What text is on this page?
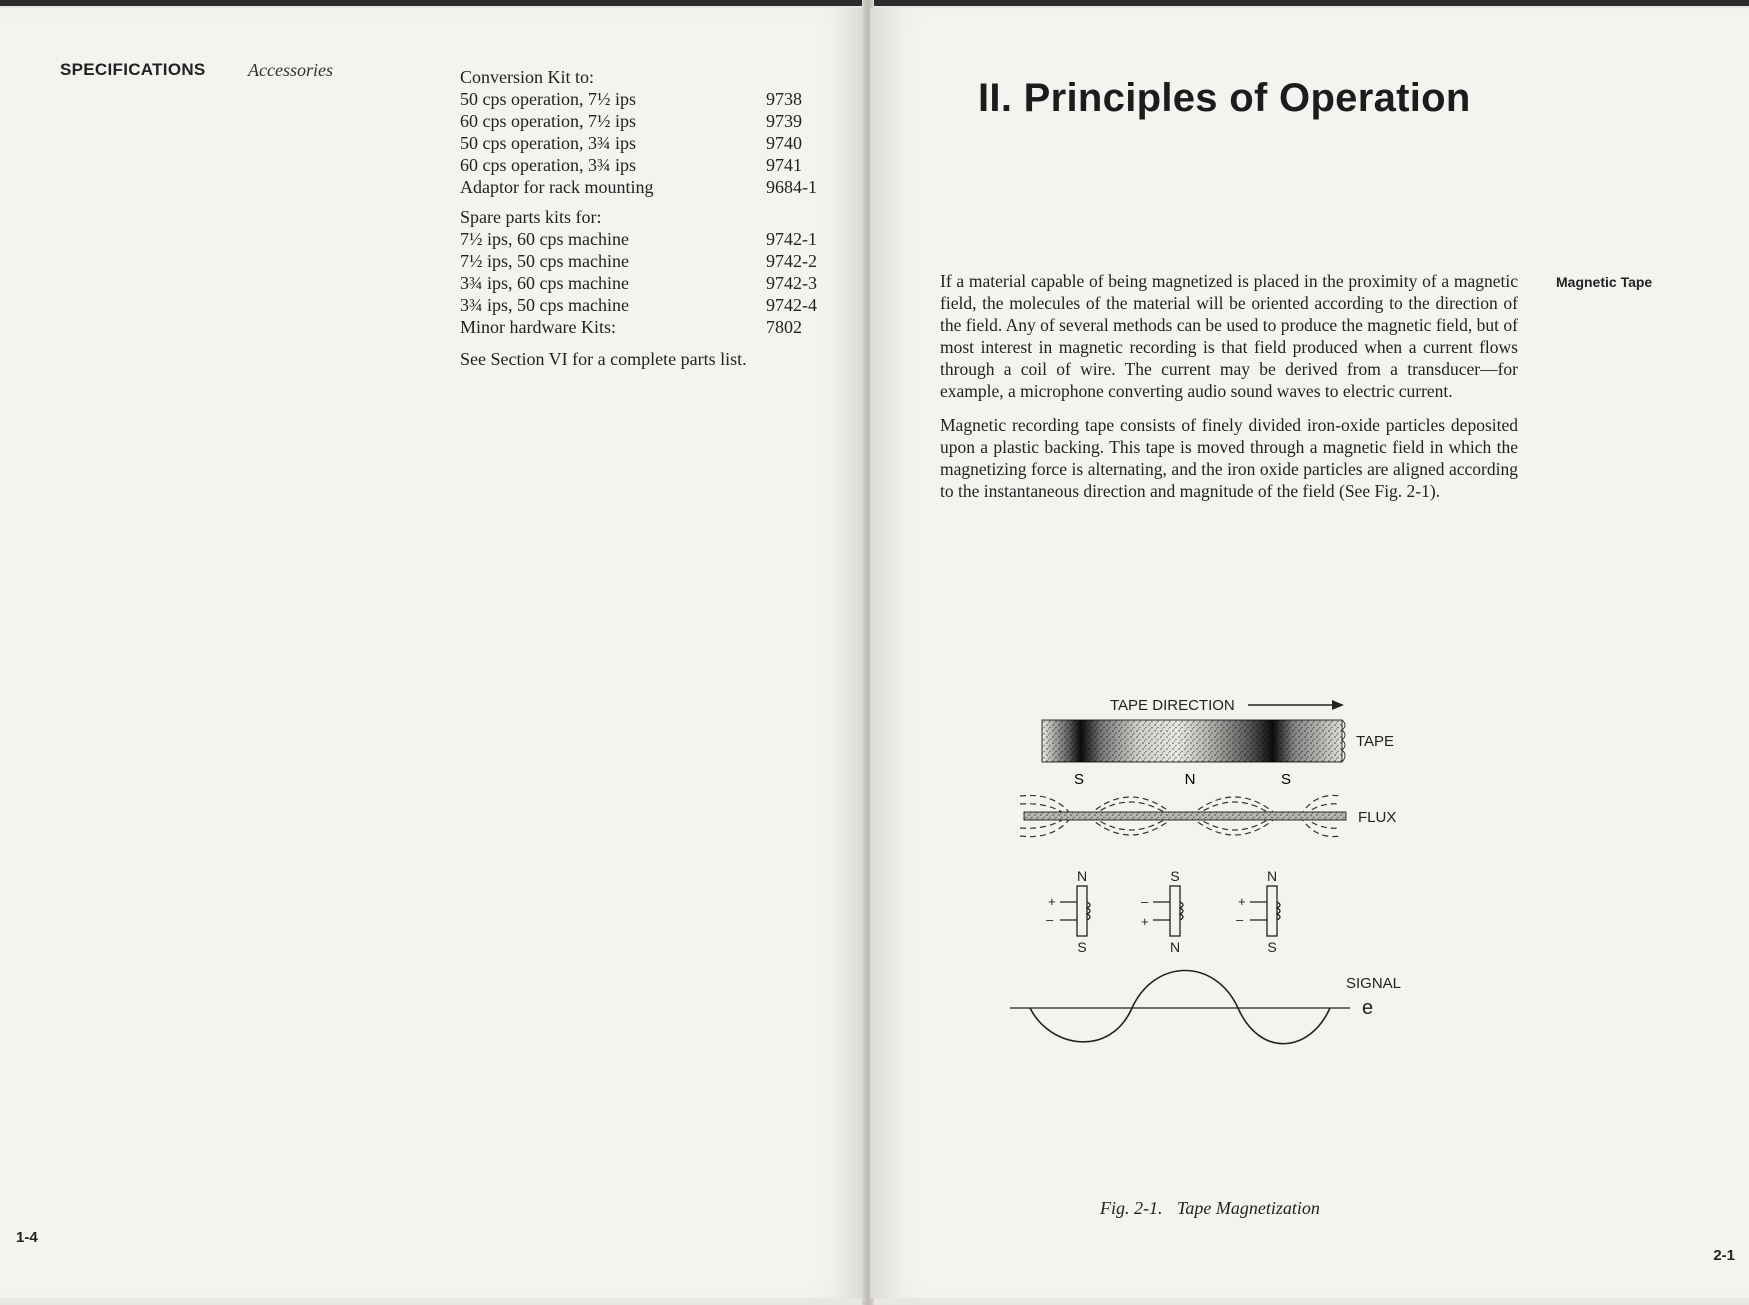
SPECIFICATIONS Accessories	Conversion Kit to:
50 cps operation, 7½ ips	9738
60 cps operation, 7½ ips	9739
50 cps operation, 3¾ ips	9740
60 cps operation, 3¾ ips	9741
Adaptor for rack mounting	9684-1
Spare parts kits for:
7½ ips, 60 cps machine	9742-1
7½ ips, 50 cps machine	9742-2
3¾ ips, 60 cps machine	9742-3
3¾ ips, 50 cps machine	9742-4
Minor hardware Kits:	7802
See Section VI for a complete parts list.
1-4
II. Principles of Operation
Magnetic Tape

If a material capable of being magnetized is placed in the proximity of a magnetic field, the molecules of the material will be oriented according to the direction of the field. Any of several methods can be used to produce the magnetic field, but of most interest in magnetic recording is that field produced when a current flows through a coil of wire. The current may be derived from a transducer—for example, a microphone converting audio sound waves to electric current.

Magnetic recording tape consists of finely divided iron-oxide particles deposited upon a plastic backing. This tape is moved through a magnetic field in which the magnetizing force is alternating, and the iron oxide particles are aligned according to the instantaneous direction and magnitude of the field (See Fig. 2-1).

TAPE DIRECTION
TAPE
S	N	S
FLUX
N
S
S
N
N
S
+
–
–
+
+
–
SIGNAL
e
Fig. 2-1. Tape Magnetization
2-1
